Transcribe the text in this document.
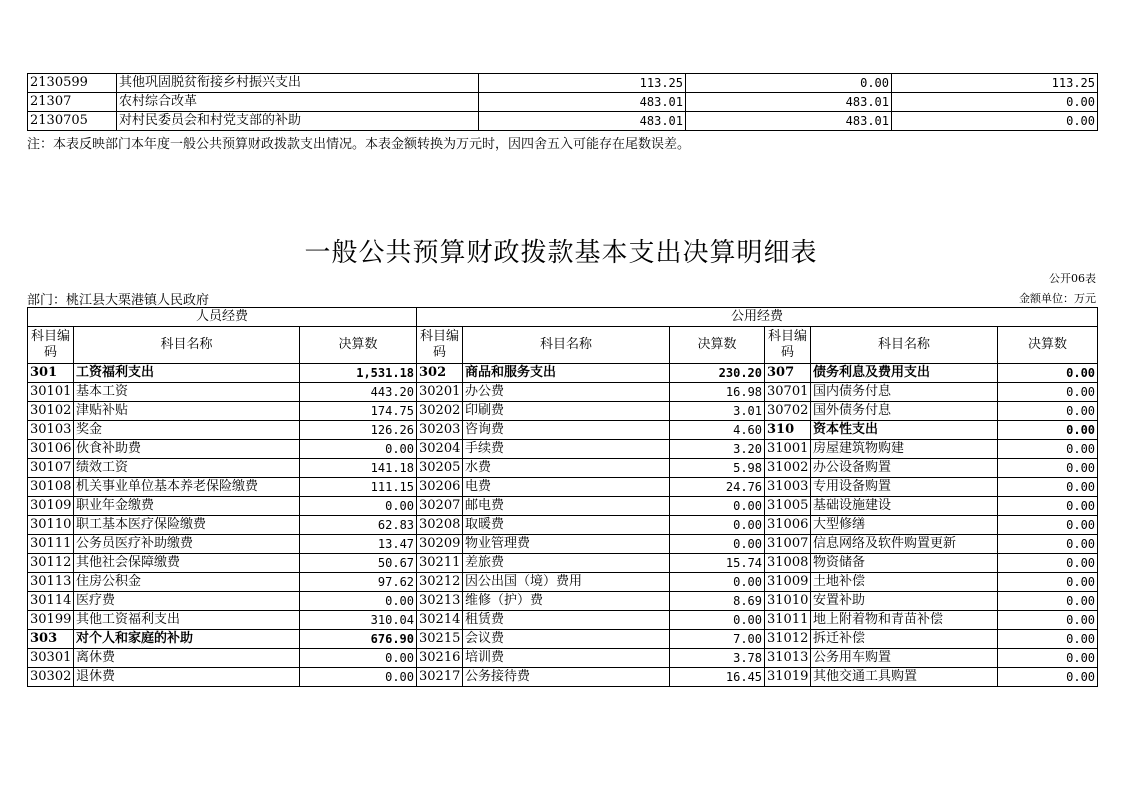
2130599	其他巩固脱贫衔接乡村振兴支出	113.25	0.00	113.25
21307	农村综合改革	483.01	483.01	0.00
2130705	对村民委员会和村党支部的补助	483.01	483.01	0.00
注：本表反映部门本年度一般公共预算财政拨款支出情况。本表金额转换为万元时，因四舍五入可能存在尾数误差。
一般公共预算财政拨款基本支出决算明细表
公开06表
部门：桃江县大栗港镇人民政府	金额单位：万元
人员经费			公用经费					
科目编码	科目名称	决算数	科目编码	科目名称	决算数	科目编码	科目名称	决算数
301	工资福利支出	1,531.18	302	商品和服务支出	230.20	307	债务利息及费用支出	0.00
30101	基本工资	443.20	30201	办公费	16.98	30701	国内债务付息	0.00
30102	津贴补贴	174.75	30202	印刷费	3.01	30702	国外债务付息	0.00
30103	奖金	126.26	30203	咨询费	4.60	310	资本性支出	0.00
30106	伙食补助费	0.00	30204	手续费	3.20	31001	房屋建筑物购建	0.00
30107	绩效工资	141.18	30205	水费	5.98	31002	办公设备购置	0.00
30108	机关事业单位基本养老保险缴费	111.15	30206	电费	24.76	31003	专用设备购置	0.00
30109	职业年金缴费	0.00	30207	邮电费	0.00	31005	基础设施建设	0.00
30110	职工基本医疗保险缴费	62.83	30208	取暖费	0.00	31006	大型修缮	0.00
30111	公务员医疗补助缴费	13.47	30209	物业管理费	0.00	31007	信息网络及软件购置更新	0.00
30112	其他社会保障缴费	50.67	30211	差旅费	15.74	31008	物资储备	0.00
30113	住房公积金	97.62	30212	因公出国（境）费用	0.00	31009	土地补偿	0.00
30114	医疗费	0.00	30213	维修（护）费	8.69	31010	安置补助	0.00
30199	其他工资福利支出	310.04	30214	租赁费	0.00	31011	地上附着物和青苗补偿	0.00
303	对个人和家庭的补助	676.90	30215	会议费	7.00	31012	拆迁补偿	0.00
30301	离休费	0.00	30216	培训费	3.78	31013	公务用车购置	0.00
30302	退休费	0.00	30217	公务接待费	16.45	31019	其他交通工具购置	0.00
